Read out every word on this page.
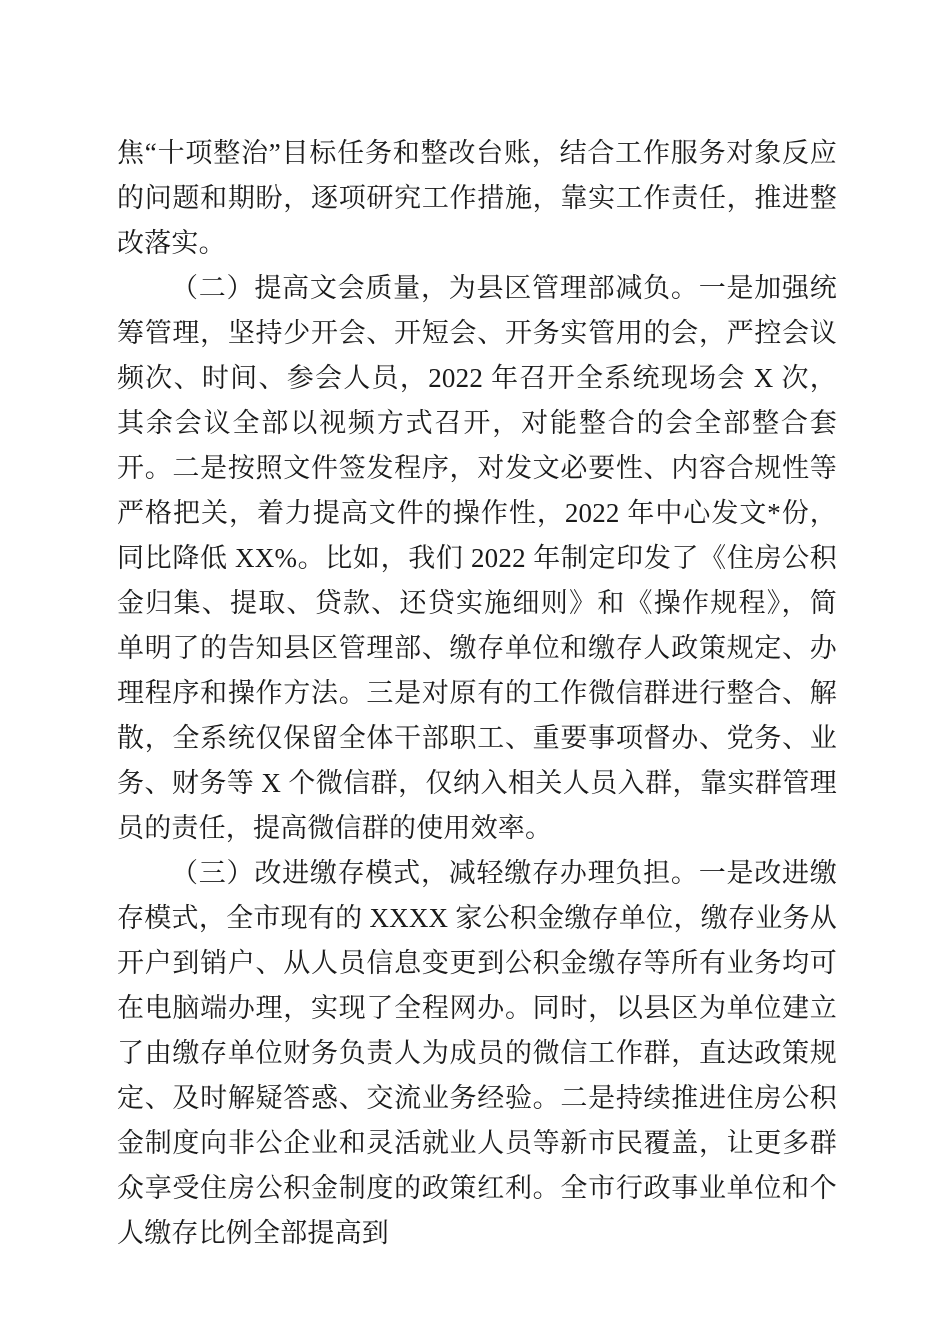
焦“十项整治”目标任务和整改台账，结合工作服务对象反应的问题和期盼，逐项研究工作措施，靠实工作责任，推进整改落实。

（二）提高文会质量，为县区管理部减负。一是加强统筹管理，坚持少开会、开短会、开务实管用的会，严控会议频次、时间、参会人员，2022 年召开全系统现场会 X 次，其余会议全部以视频方式召开，对能整合的会全部整合套开。二是按照文件签发程序，对发文必要性、内容合规性等严格把关，着力提高文件的操作性，2022 年中心发文*份，同比降低 XX%。比如，我们 2022 年制定印发了《住房公积金归集、提取、贷款、还贷实施细则》和《操作规程》，简单明了的告知县区管理部、缴存单位和缴存人政策规定、办理程序和操作方法。三是对原有的工作微信群进行整合、解散，全系统仅保留全体干部职工、重要事项督办、党务、业务、财务等 X 个微信群，仅纳入相关人员入群，靠实群管理员的责任，提高微信群的使用效率。

（三）改进缴存模式，减轻缴存办理负担。一是改进缴存模式，全市现有的 XXXX 家公积金缴存单位，缴存业务从开户到销户、从人员信息变更到公积金缴存等所有业务均可在电脑端办理，实现了全程网办。同时，以县区为单位建立了由缴存单位财务负责人为成员的微信工作群，直达政策规定、及时解疑答惑、交流业务经验。二是持续推进住房公积金制度向非公企业和灵活就业人员等新市民覆盖，让更多群众享受住房公积金制度的政策红利。全市行政事业单位和个人缴存比例全部提高到
